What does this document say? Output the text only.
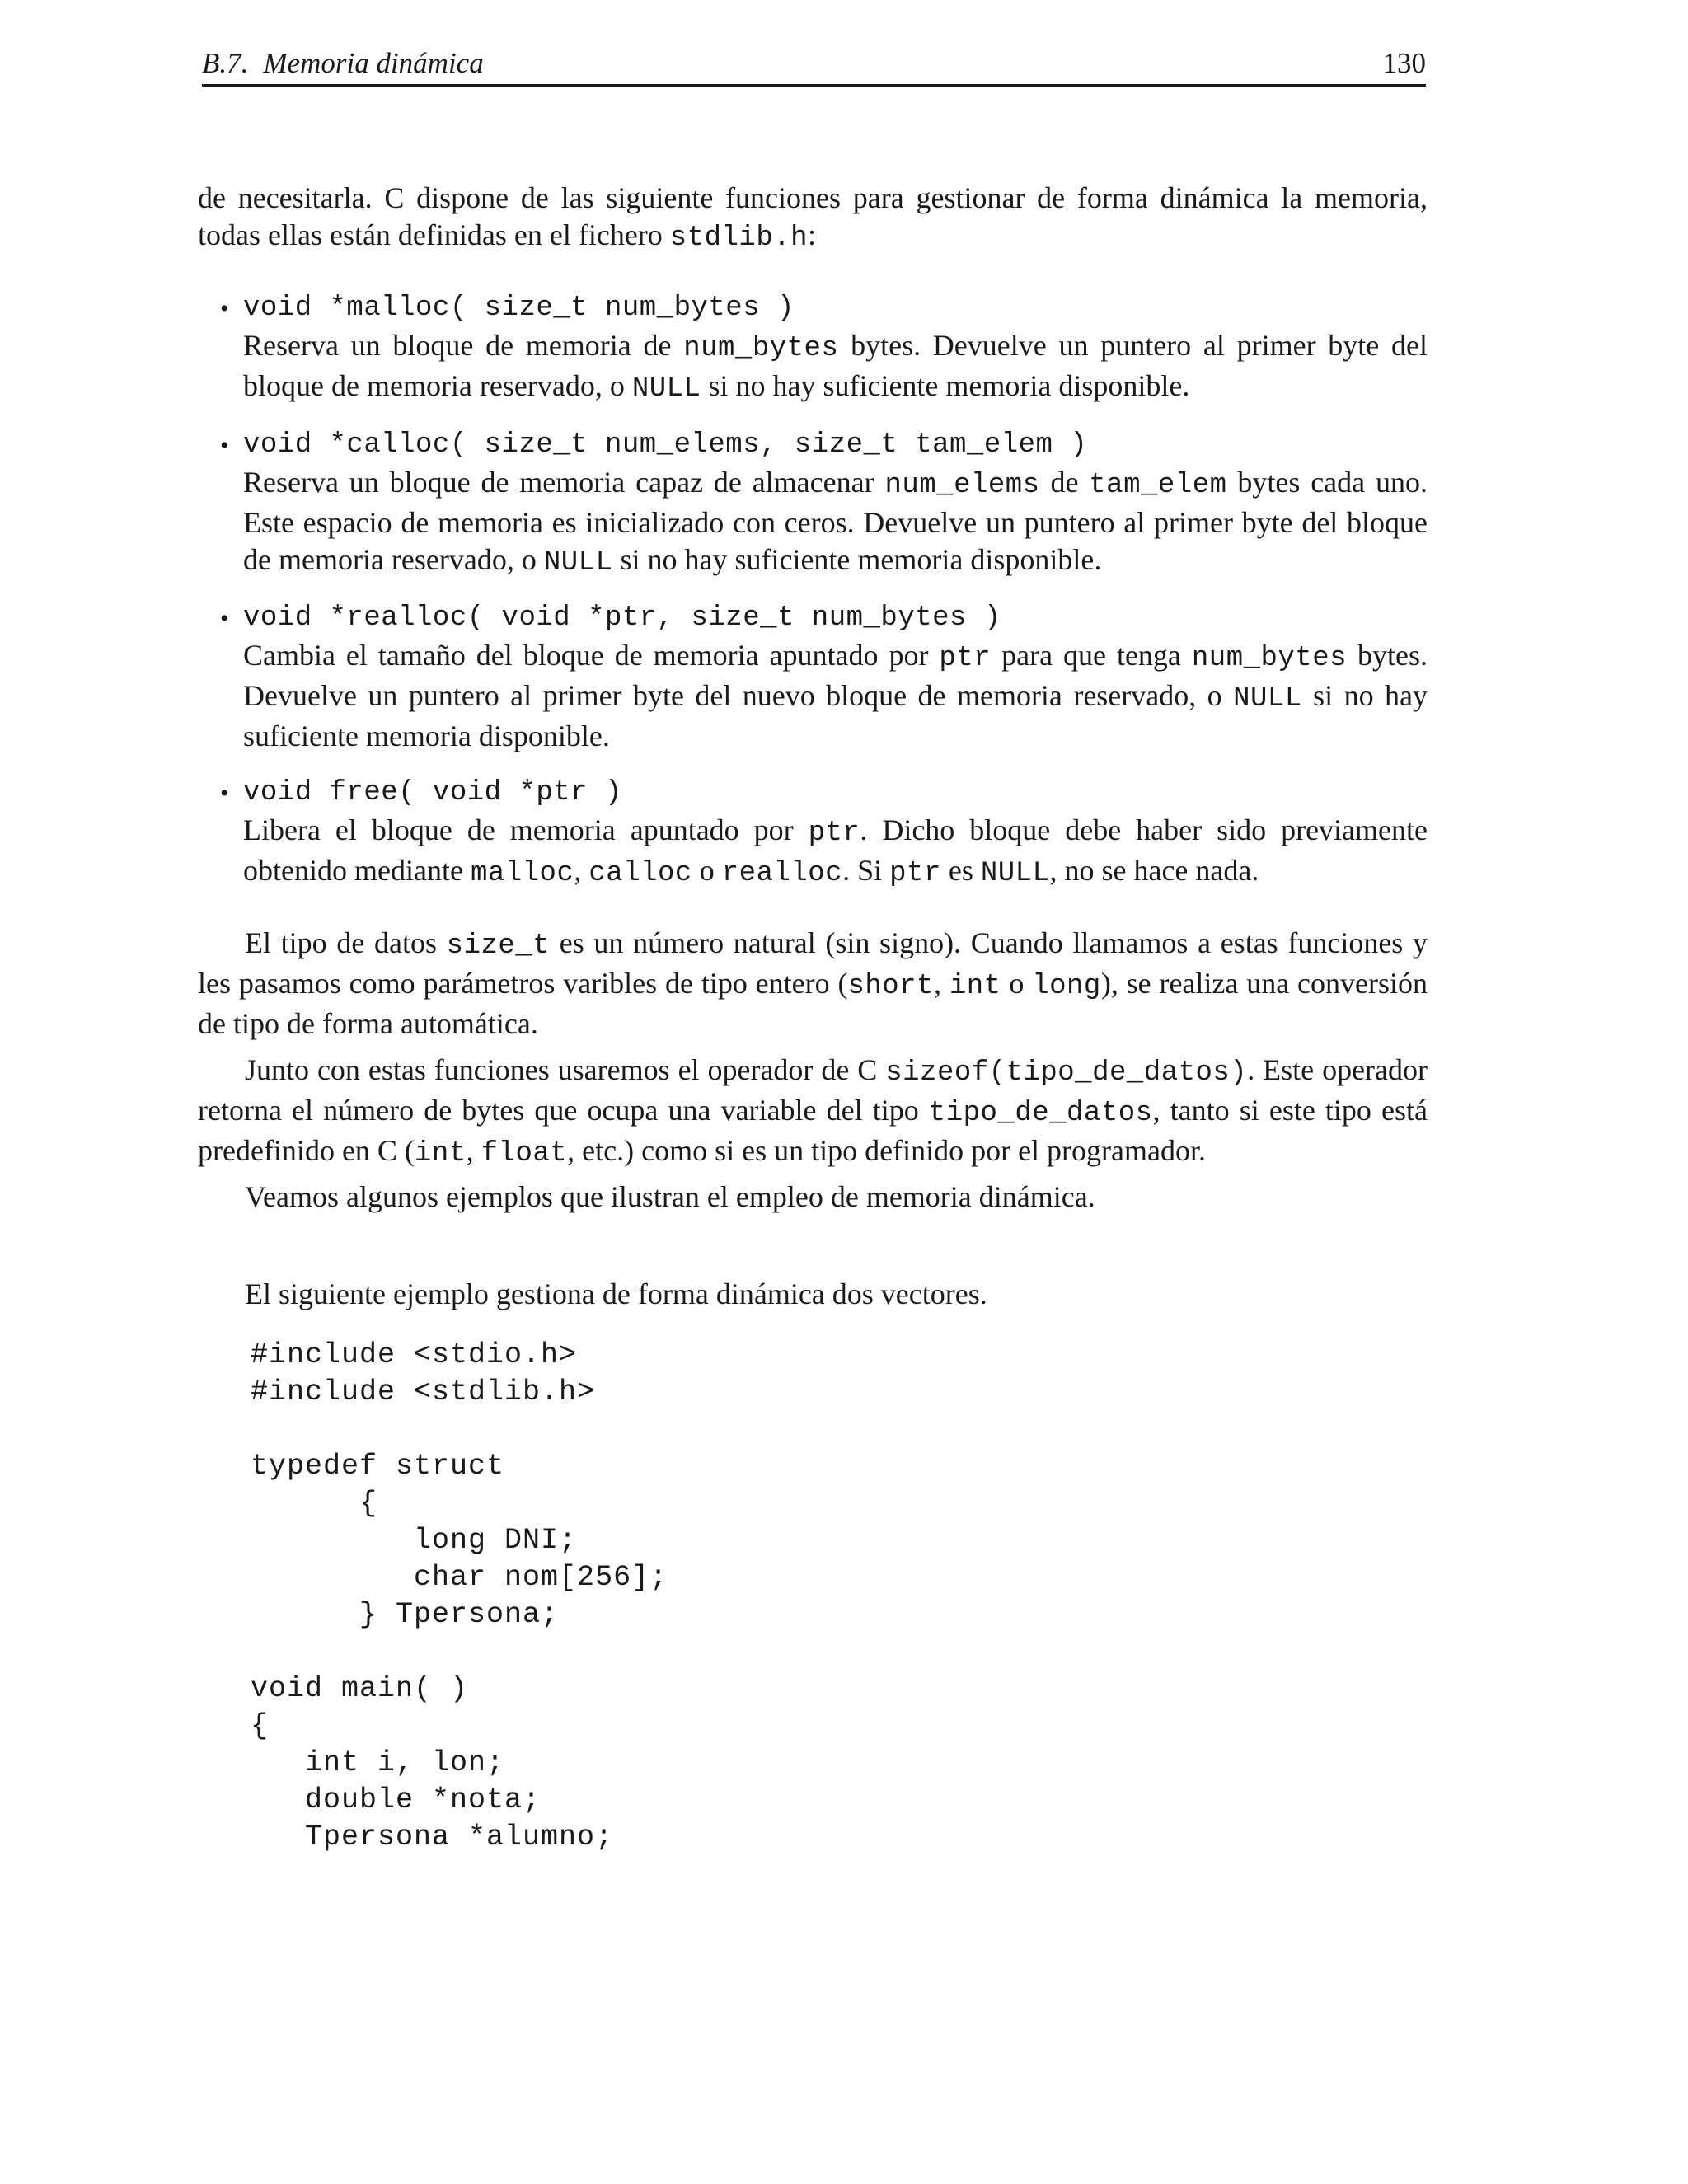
B.7. Memoria dinámica	130

de necesitarla. C dispone de las siguiente funciones para gestionar de forma dinámica la memoria, todas ellas están definidas en el fichero stdlib.h:

• void *malloc( size_t num_bytes )
Reserva un bloque de memoria de num_bytes bytes. Devuelve un puntero al primer byte del bloque de memoria reservado, o NULL si no hay suficiente memoria disponible.
• void *calloc( size_t num_elems, size_t tam_elem )
Reserva un bloque de memoria capaz de almacenar num_elems de tam_elem bytes cada uno. Este espacio de memoria es inicializado con ceros. Devuelve un puntero al primer byte del bloque de memoria reservado, o NULL si no hay suficiente memoria disponible.
• void *realloc( void *ptr, size_t num_bytes )
Cambia el tamaño del bloque de memoria apuntado por ptr para que tenga num_bytes bytes. Devuelve un puntero al primer byte del nuevo bloque de memoria reservado, o NULL si no hay suficiente memoria disponible.
• void free( void *ptr )
Libera el bloque de memoria apuntado por ptr. Dicho bloque debe haber sido previamente obtenido mediante malloc, calloc o realloc. Si ptr es NULL, no se hace nada.

El tipo de datos size_t es un número natural (sin signo). Cuando llamamos a estas funciones y les pasamos como parámetros varibles de tipo entero (short, int o long), se realiza una conversión de tipo de forma automática.

Junto con estas funciones usaremos el operador de C sizeof(tipo_de_datos). Este operador retorna el número de bytes que ocupa una variable del tipo tipo_de_datos, tanto si este tipo está predefinido en C (int, float, etc.) como si es un tipo definido por el programador.

Veamos algunos ejemplos que ilustran el empleo de memoria dinámica.

El siguiente ejemplo gestiona de forma dinámica dos vectores.

#include <stdio.h>
#include <stdlib.h>
typedef struct
{
long DNI;
char nom[256];
} Tpersona;
void main( )
{
int i, lon;
double *nota;
Tpersona *alumno;
